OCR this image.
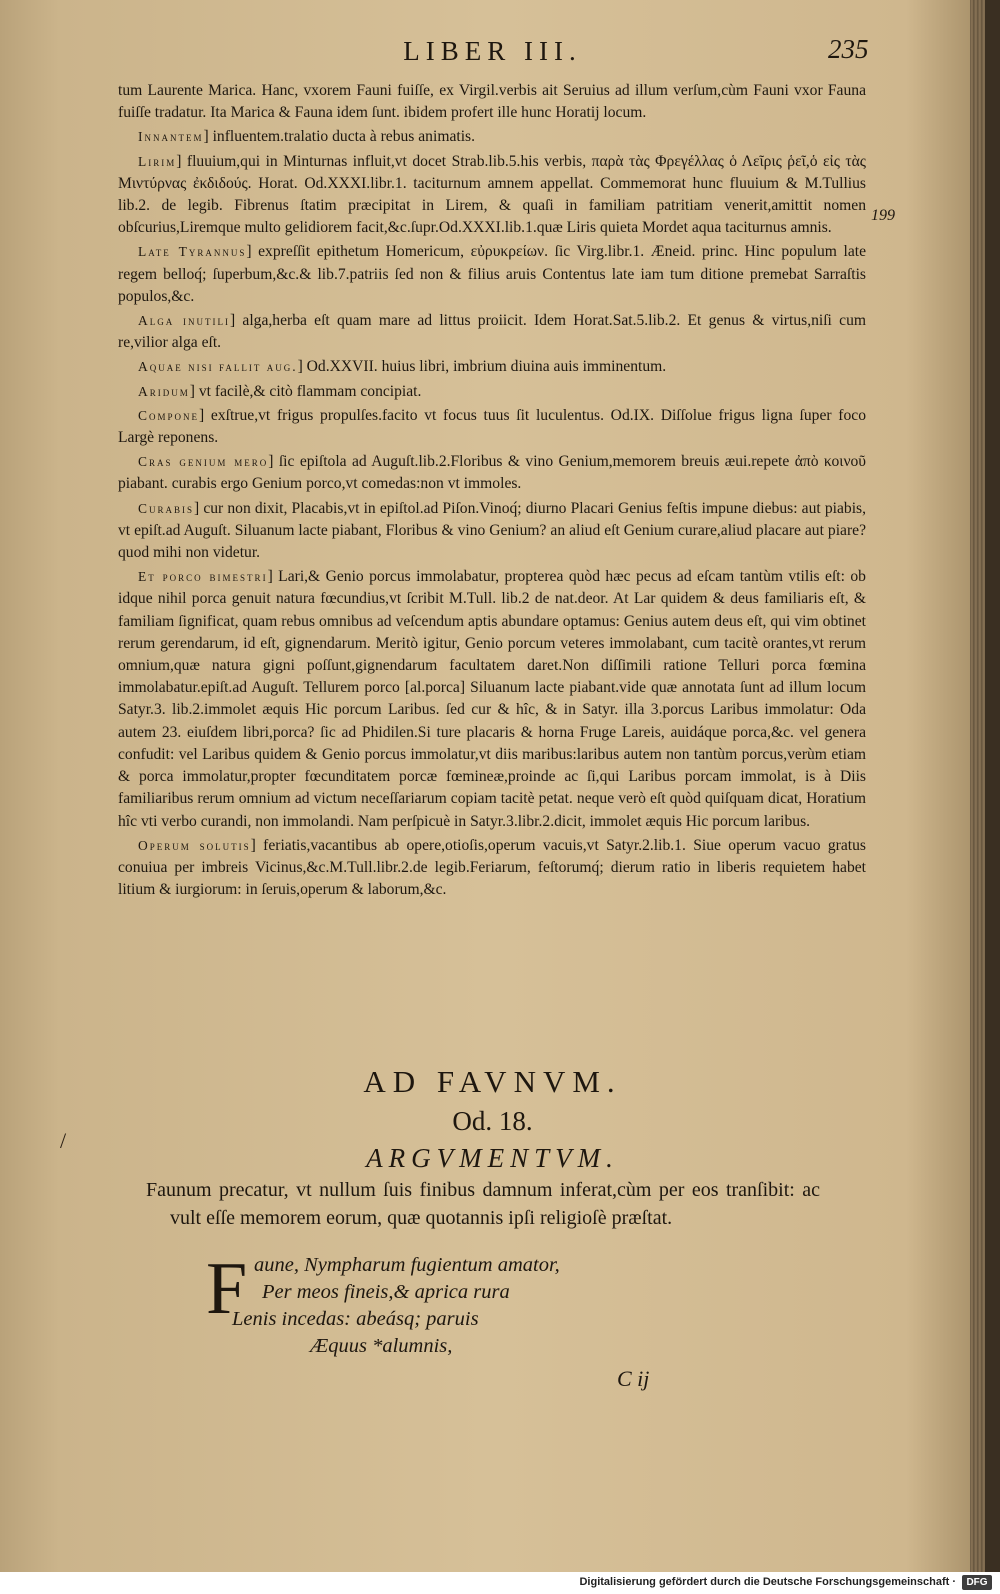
LIBER III.	235
199

tum Laurente Marica. Hanc, vxorem Fauni fuiſſe, ex Virgil.verbis ait Seruius ad illum verſum,cùm Fauni vxor Fauna fuiſſe tradatur. Ita Marica & Fauna idem ſunt. ibidem profert ille hunc Horatij locum.

Innantem] influentem.tralatio ducta à rebus animatis.

Lirim] fluuium,qui in Minturnas influit,vt docet Strab.lib.5.his verbis, παρὰ τὰς Φρεγέλλας ὁ Λεῖρις ῥεῖ,ὁ εἰς τὰς Μιντύρνας ἐκδιδούς. Horat. Od.XXXI.libr.1. taciturnum amnem appellat. Commemorat hunc fluuium & M.Tullius lib.2. de legib. Fibrenus ſtatim præcipitat in Lirem, & quaſi in familiam patritiam venerit,amittit nomen obſcurius,Liremque multo gelidiorem facit,&c.ſupr.Od.XXXI.lib.1.quæ Liris quieta Mordet aqua taciturnus amnis.

Late Tyrannus] expreſſit epithetum Homericum, εὐρυκρείων. ſic Virg.libr.1. Æneid. princ. Hinc populum late regem belloq́; ſuperbum,&c.& lib.7.patriis ſed non & filius aruis Contentus late iam tum ditione premebat Sarraſtis populos,&c.

Alga inutili] alga,herba eſt quam mare ad littus proiicit. Idem Horat.Sat.5.lib.2. Et genus & virtus,niſi cum re,vilior alga eſt.

Aquae nisi fallit aug.] Od.XXVII. huius libri, imbrium diuina auis imminentum.

Aridum] vt facilè,& citò flammam concipiat.

Compone] exſtrue,vt frigus propulſes.facito vt focus tuus ſit luculentus. Od.IX. Diſſolue frigus ligna ſuper foco Largè reponens.

Cras genium mero] ſic epiſtola ad Auguſt.lib.2.Floribus & vino Genium,memorem breuis æui.repete ἀπὸ κοινοῦ piabant. curabis ergo Genium porco,vt comedas:non vt immoles.

Curabis] cur non dixit, Placabis,vt in epiſtol.ad Piſon.Vinoq́; diurno Placari Genius feſtis impune diebus: aut piabis, vt epiſt.ad Auguſt. Siluanum lacte piabant, Floribus & vino Genium? an aliud eſt Genium curare,aliud placare aut piare? quod mihi non videtur.

Et porco bimestri] Lari,& Genio porcus immolabatur, propterea quòd hæc pecus ad eſcam tantùm vtilis eſt: ob idque nihil porca genuit natura fœcundius,vt ſcribit M.Tull. lib.2 de nat.deor. At Lar quidem & deus familiaris eſt, & familiam ſignificat, quam rebus omnibus ad veſcendum aptis abundare optamus: Genius autem deus eſt, qui vim obtinet rerum gerendarum, id eſt, gignendarum. Meritò igitur, Genio porcum veteres immolabant, cum tacitè orantes,vt rerum omnium,quæ natura gigni poſſunt,gignendarum facultatem daret.Non diſſimili ratione Telluri porca fœmina immolabatur.epiſt.ad Auguſt. Tellurem porco [al.porca] Siluanum lacte piabant.vide quæ annotata ſunt ad illum locum Satyr.3. lib.2.immolet æquis Hic porcum Laribus. ſed cur & hîc, & in Satyr. illa 3.porcus Laribus immolatur: Oda autem 23. eiuſdem libri,porca? ſic ad Phidilen.Si ture placaris & horna Fruge Lareis, auidáque porca,&c. vel genera confudit: vel Laribus quidem & Genio porcus immolatur,vt diis maribus:laribus autem non tantùm porcus,verùm etiam & porca immolatur,propter fœcunditatem porcæ fœmineæ,proinde ac ſi,qui Laribus porcam immolat, is à Diis familiaribus rerum omnium ad victum neceſſariarum copiam tacitè petat. neque verò eſt quòd quiſquam dicat, Horatium hîc vti verbo curandi, non immolandi. Nam perſpicuè in Satyr.3.libr.2.dicit, immolet æquis Hic porcum laribus.

Operum solutis] feriatis,vacantibus ab opere,otioſis,operum vacuis,vt Satyr.2.lib.1. Siue operum vacuo gratus conuiua per imbreis Vicinus,&c.M.Tull.libr.2.de legib.Feriarum, feſtorumq́; dierum ratio in liberis requietem habet litium & iurgiorum: in ſeruis,operum & laborum,&c.

AD FAVNVM.
Od. 18.
/
ARGVMENTVM.
Faunum precatur, vt nullum ſuis finibus damnum inferat,cùm per eos tranſibit: ac vult eſſe memorem eorum, quæ quotannis ipſi religioſè præſtat.
F aune, Nympharum fugientum amator,
Per meos fineis,& aprica rura
Lenis incedas: abeásq; paruis
Æquus *alumnis,
C ij
Digitalisierung gefördert durch die Deutsche Forschungsgemeinschaft ·	DFG
